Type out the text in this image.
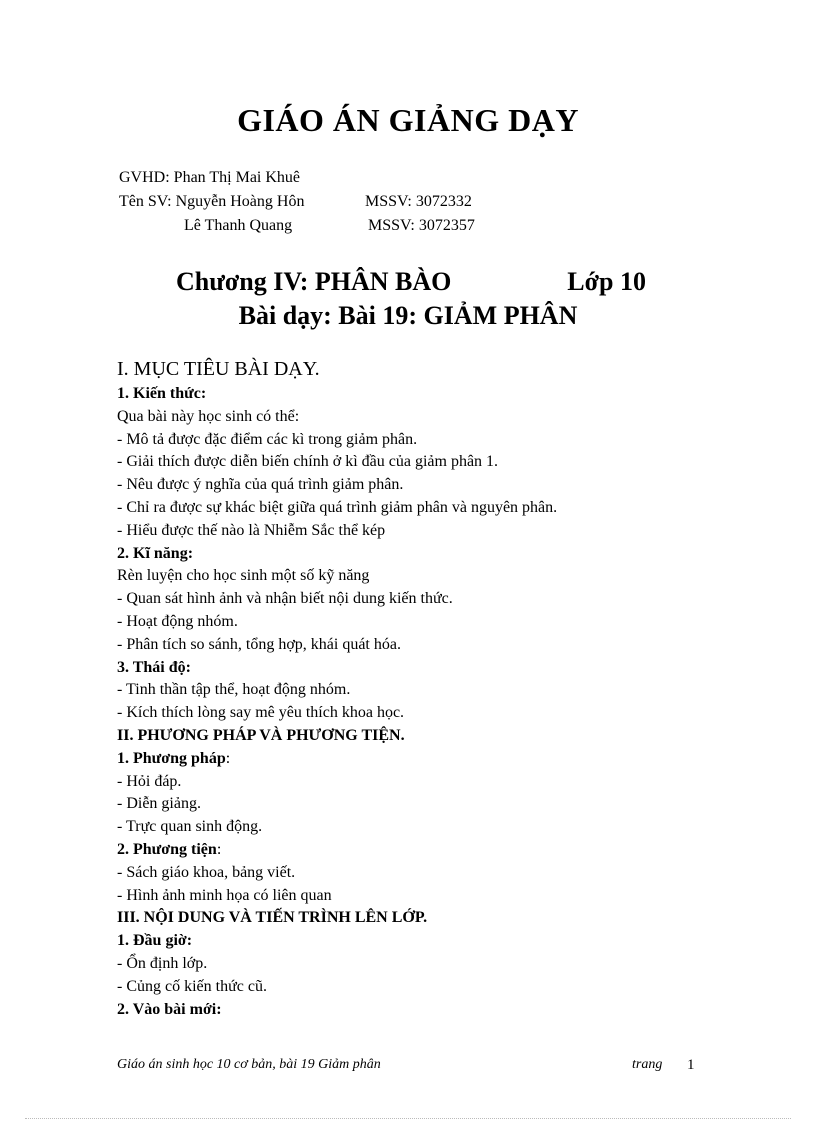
GIÁO ÁN GIẢNG DẠY
GVHD: Phan Thị Mai Khuê
Tên SV: Nguyễn Hoàng Hôn	MSSV: 3072332
Lê Thanh Quang	MSSV: 3072357
Chương IV: PHÂN BÀO	Lớp 10
Bài dạy: Bài 19: GIẢM PHÂN
I. MỤC TIÊU BÀI DẠY.
1. Kiến thức:
Qua bài này học sinh có thể:
- Mô tả được đặc điểm các kì trong giảm phân.
- Giải thích được diễn biến chính ở kì đầu của giảm phân 1.
- Nêu được ý nghĩa của quá trình giảm phân.
- Chỉ ra được sự khác biệt giữa quá trình giảm phân và nguyên phân.
- Hiểu được thế nào là Nhiễm Sắc thể kép
2. Kĩ năng:
Rèn luyện cho học sinh một số kỹ năng
- Quan sát hình ảnh và nhận biết nội dung kiến thức.
- Hoạt động nhóm.
- Phân tích so sánh, tổng hợp, khái quát hóa.
3. Thái độ:
- Tinh thần tập thể, hoạt động nhóm.
- Kích thích lòng say mê yêu thích khoa học.
II. PHƯƠNG PHÁP VÀ PHƯƠNG TIỆN.
1. Phương pháp:
- Hỏi đáp.
- Diễn giảng.
- Trực quan sinh động.
2. Phương tiện:
- Sách giáo khoa, bảng viết.
- Hình ảnh minh họa có liên quan
III. NỘI DUNG VÀ TIẾN TRÌNH LÊN LỚP.
1. Đầu giờ:
- Ổn định lớp.
- Củng cố kiến thức cũ.
2. Vào bài mới:
Giáo án sinh học 10 cơ bản, bài 19 Giảm phân	trang 1
